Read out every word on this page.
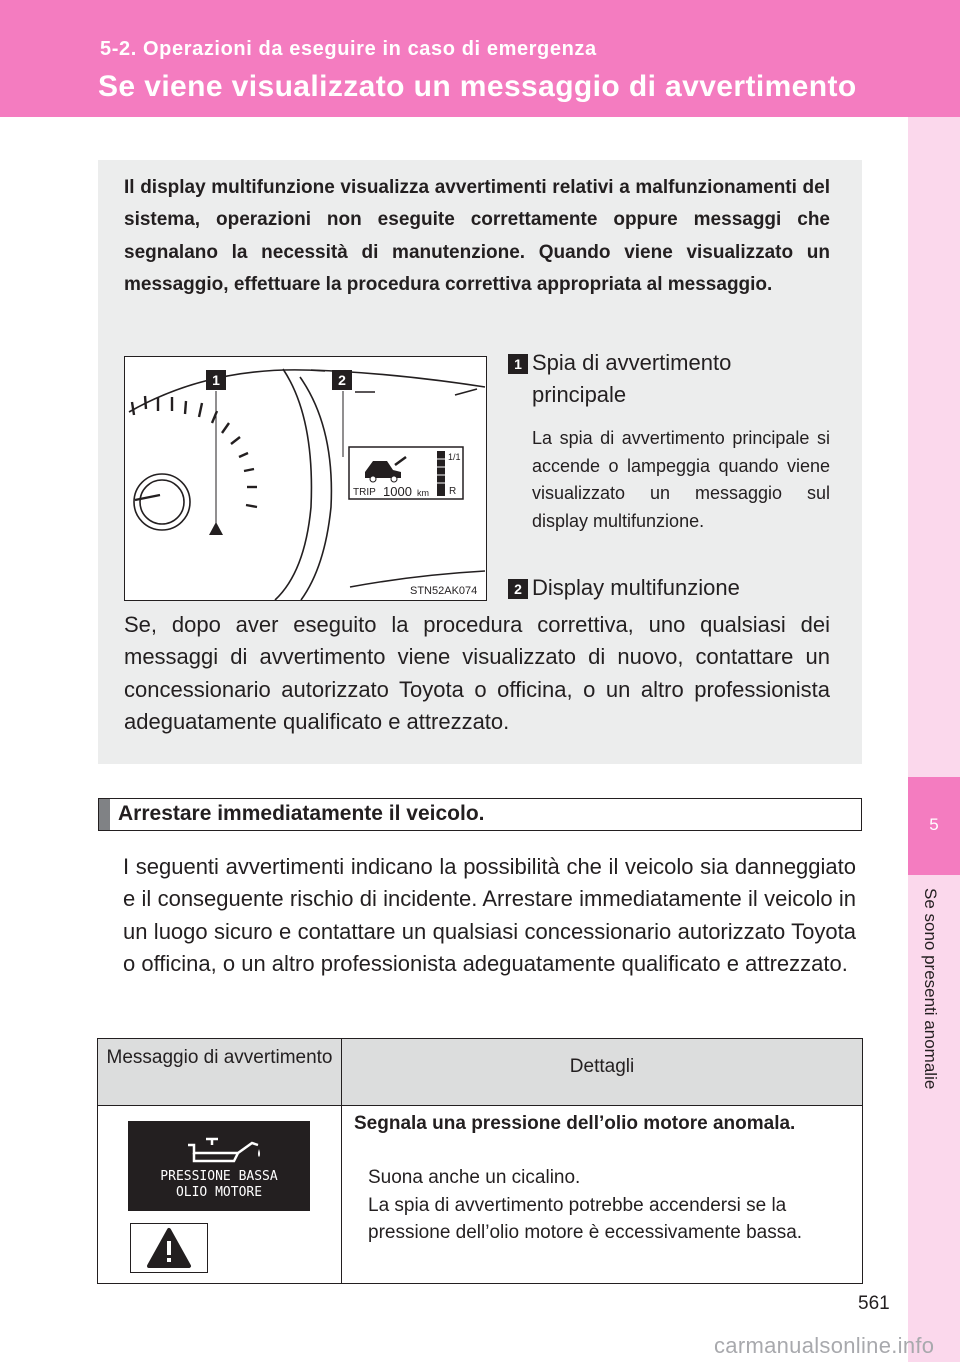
5-2. Operazioni da eseguire in caso di emergenza
Se viene visualizzato un messaggio di avvertimento
5
Se sono presenti anomalie
Il display multifunzione visualizza avvertimenti relativi a malfunzionamenti del sistema, operazioni non eseguite correttamente oppure messaggi che segnalano la necessità di manutenzione. Quando viene visualizzato un messaggio, effettuare la procedura correttiva appropriata al messaggio.
1/1
R
TRIP 1000 km
1	2
STN52AK074
1 Spia di avvertimento principale
La spia di avvertimento principale si accende o lampeggia quando viene visualizzato un messaggio sul display multifunzione.
2 Display multifunzione
Se, dopo aver eseguito la procedura correttiva, uno qualsiasi dei messaggi di avvertimento viene visualizzato di nuovo, contattare un concessionario autorizzato Toyota o officina, o un altro professionista adeguatamente qualificato e attrezzato.
Arrestare immediatamente il veicolo.
I seguenti avvertimenti indicano la possibilità che il veicolo sia danneggiato e il conseguente rischio di incidente. Arrestare immediatamente il veicolo in un luogo sicuro e contattare un qualsiasi concessionario autorizzato Toyota o officina, o un altro professionista adeguatamente qualificato e attrezzato.
Messaggio di avvertimento	Dettagli
PRESSIONE BASSA
OLIO MOTORE
Segnala una pressione dell’olio motore anomala.
Suona anche un cicalino.
La spia di avvertimento potrebbe accendersi se la pressione dell’olio motore è eccessivamente bassa.
561
carmanualsonline.info
